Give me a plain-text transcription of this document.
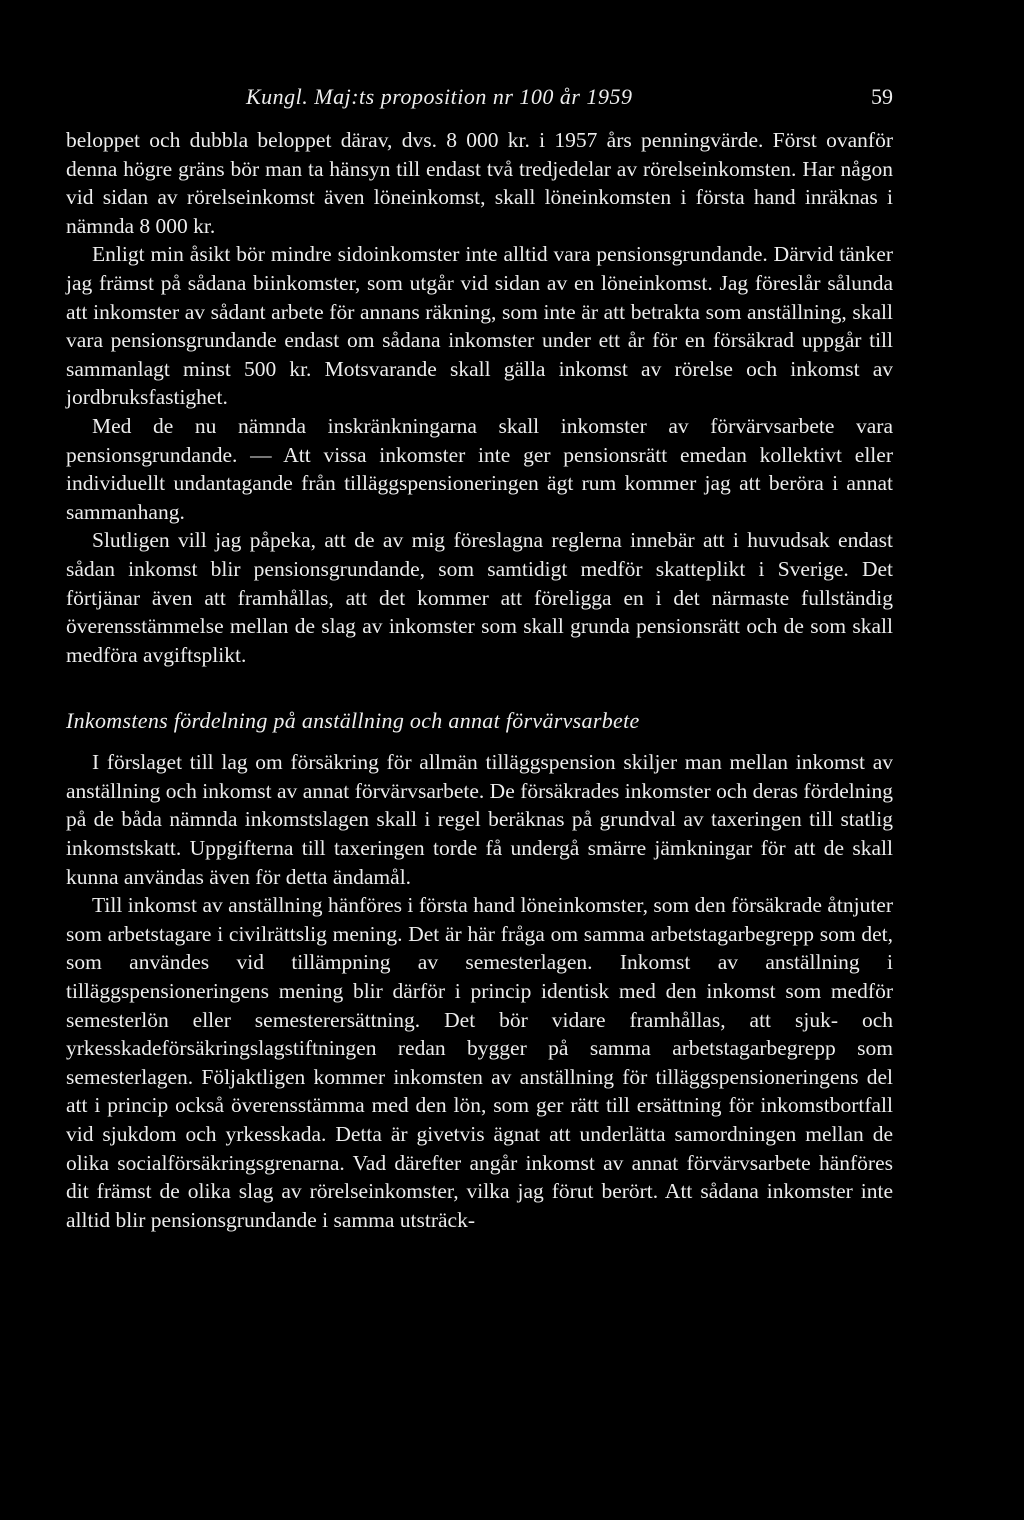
Kungl. Maj:ts proposition nr 100 år 1959	59

beloppet och dubbla beloppet därav, dvs. 8 000 kr. i 1957 års penningvärde. Först ovanför denna högre gräns bör man ta hänsyn till endast två tredjedelar av rörelseinkomsten. Har någon vid sidan av rörelseinkomst även löneinkomst, skall löneinkomsten i första hand inräknas i nämnda 8 000 kr.

Enligt min åsikt bör mindre sidoinkomster inte alltid vara pensionsgrundande. Därvid tänker jag främst på sådana biinkomster, som utgår vid sidan av en löneinkomst. Jag föreslår sålunda att inkomster av sådant arbete för annans räkning, som inte är att betrakta som anställning, skall vara pensionsgrundande endast om sådana inkomster under ett år för en försäkrad uppgår till sammanlagt minst 500 kr. Motsvarande skall gälla inkomst av rörelse och inkomst av jordbruksfastighet.

Med de nu nämnda inskränkningarna skall inkomster av förvärvsarbete vara pensionsgrundande. — Att vissa inkomster inte ger pensionsrätt emedan kollektivt eller individuellt undantagande från tilläggspensioneringen ägt rum kommer jag att beröra i annat sammanhang.

Slutligen vill jag påpeka, att de av mig föreslagna reglerna innebär att i huvudsak endast sådan inkomst blir pensionsgrundande, som samtidigt medför skatteplikt i Sverige. Det förtjänar även att framhållas, att det kommer att föreligga en i det närmaste fullständig överensstämmelse mellan de slag av inkomster som skall grunda pensionsrätt och de som skall medföra avgiftsplikt.

Inkomstens fördelning på anställning och annat förvärvsarbete

I förslaget till lag om försäkring för allmän tilläggspension skiljer man mellan inkomst av anställning och inkomst av annat förvärvsarbete. De försäkrades inkomster och deras fördelning på de båda nämnda inkomstslagen skall i regel beräknas på grundval av taxeringen till statlig inkomstskatt. Uppgifterna till taxeringen torde få undergå smärre jämkningar för att de skall kunna användas även för detta ändamål.

Till inkomst av anställning hänföres i första hand löneinkomster, som den försäkrade åtnjuter som arbetstagare i civilrättslig mening. Det är här fråga om samma arbetstagarbegrepp som det, som användes vid tillämpning av semesterlagen. Inkomst av anställning i tilläggspensioneringens mening blir därför i princip identisk med den inkomst som medför semesterlön eller semesterersättning. Det bör vidare framhållas, att sjuk- och yrkesskadeförsäkringslagstiftningen redan bygger på samma arbetstagarbegrepp som semesterlagen. Följaktligen kommer inkomsten av anställning för tilläggspensioneringens del att i princip också överensstämma med den lön, som ger rätt till ersättning för inkomstbortfall vid sjukdom och yrkesskada. Detta är givetvis ägnat att underlätta samordningen mellan de olika socialförsäkringsgrenarna. Vad därefter angår inkomst av annat förvärvsarbete hänföres dit främst de olika slag av rörelseinkomster, vilka jag förut berört. Att sådana inkomster inte alltid blir pensionsgrundande i samma utsträck-
